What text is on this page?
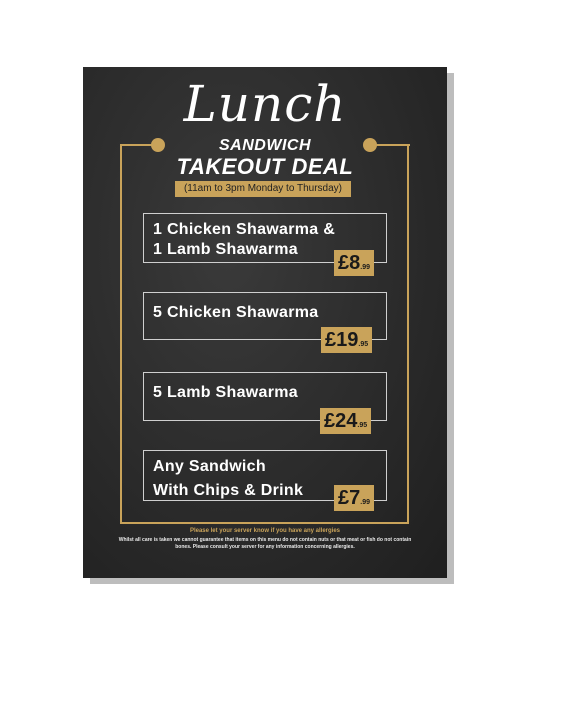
Lunch
SANDWICH
TAKEOUT DEAL
(11am to 3pm Monday to Thursday)
1 Chicken Shawarma &
1 Lamb Shawarma
£8.99
5 Chicken Shawarma
£19.95
5 Lamb Shawarma
£24.95
Any Sandwich
With Chips & Drink £7.99
Please let your server know if you have any allergies
Whilst all care is taken we cannot guarantee that items on this menu do not contain nuts or that meat or fish do not contain bones. Please consult your server for any information concerning allergies.
